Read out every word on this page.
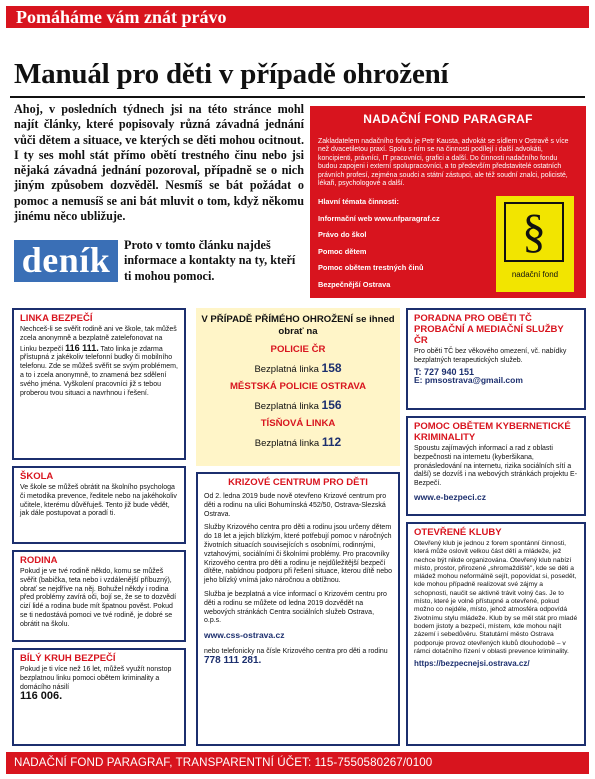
Pomáháme vám znát právo
Manuál pro děti v případě ohrožení

Ahoj, v posledních týdnech jsi na této stránce mohl najít články, které popisovaly různá závadná jednání vůči dětem a situace, ve kterých se děti mohou ocitnout. I ty ses mohl stát přímo obětí trestného činu nebo jsi nějaká závadná jednání pozoroval, případně se o nich jiným způsobem dozvěděl. Nesmíš se bát požádat o pomoc a nemusíš se ani bát mluvit o tom, když někomu jinému něco ubližuje.

deník	Proto v tomto článku najdeš informace a kontakty na ty, kteří ti mohou pomoci.

NADAČNÍ FOND PARAGRAF
Zakladatelem nadačního fondu je Petr Kausta, advokát se sídlem v Ostravě s více než dvacetiletou praxí. Spolu s ním se na činnosti podílejí i další advokáti, koncipienti, právníci, IT pracovníci, grafici a další. Do činnosti nadačního fondu budou zapojeni i externí spolupracovníci, a to především představitelé ostatních právních profesí, zejména soudci a státní zástupci, ale též soudní znalci, policisté, lékaři, psychologové a další.
Hlavní témata činnosti:
Informační web www.nfparagraf.cz
Právo do škol
Pomoc dětem
Pomoc obětem trestných činů
Bezpečnější Ostrava
§
nadační fond
LINKA BEZPEČÍ
Nechceš-li se svěřit rodině ani ve škole, tak můžeš zcela anonymně a bezplatně zatelefonovat na Linku bezpečí 116 111. Tato linka je zdarma přístupná z jakékoliv telefonní budky či mobilního telefonu. Zde se můžeš svěřit se svým problémem, a to i zcela anonymně, to znamená bez sdělení svého jména. Vyškolení pracovníci již s tebou proberou tvou situaci a navrhnou i řešení.
ŠKOLA
Ve škole se můžeš obrátit na školního psychologa či metodika prevence, ředitele nebo na jakéhokoliv učitele, kterému důvěřuješ. Tento již bude vědět, jak dále postupovat a poradí ti.
RODINA
Pokud je ve tvé rodině někdo, komu se můžeš svěřit (babička, teta nebo i vzdálenější příbuzný), obrať se nejdříve na něj. Bohužel někdy i rodina před problémy zavírá oči, bojí se, že se to dozvědí cizí lidé a rodina bude mít špatnou pověst. Pokud se ti nedostává pomoci ve tvé rodině, je dobré se obrátit na školu.
BÍLÝ KRUH BEZPEČÍ
Pokud je ti více než 16 let, můžeš využít nonstop bezplatnou linku pomoci obětem kriminality a domácího násilí
116 006.
V PŘÍPADĚ PŘÍMÉHO OHROŽENÍ se ihned obrať na
POLICIE ČR
Bezplatná linka 158
MĚSTSKÁ POLICIE OSTRAVA
Bezplatná linka 156
TÍSŇOVÁ LINKA
Bezplatná linka 112
KRIZOVÉ CENTRUM PRO DĚTI
Od 2. ledna 2019 bude nově otevřeno Krizové centrum pro děti a rodinu na ulici Bohumínská 452/50, Ostrava-Slezská Ostrava.
Služby Krizového centra pro děti a rodinu jsou určeny dětem do 18 let a jejich blízkým, které potřebují pomoc v náročných životních situacích souvisejících s osobními, rodinnými, vztahovými, sociálními či školními problémy. Pro pracovníky Krizového centra pro děti a rodinu je nejdůležitější bezpečí dítěte, nabídnou podporu při řešení situace, kterou dítě nebo jeho blízký vnímá jako náročnou a obtížnou.
Služba je bezplatná a více informací o Krizovém centru pro děti a rodinu se můžete od ledna 2019 dozvědět na webových stránkách Centra sociálních služeb Ostrava, o.p.s.
www.css-ostrava.cz
nebo telefonicky na čísle Krizového centra pro děti a rodinu 778 111 281.
PORADNA PRO OBĚTI TČ PROBAČNÍ A MEDIAČNÍ SLUŽBY ČR
Pro oběti TČ bez věkového omezení, vč. nabídky bezplatných terapeutických služeb.
T: 727 940 151
E: pmsostrava@gmail.com
POMOC OBĚTEM KYBERNETICKÉ KRIMINALITY
Spoustu zajímavých informací a rad z oblasti bezpečnosti na internetu (kyberšikana, pronásledování na internetu, rizika sociálních sítí a další) se dozvíš i na webových stránkách projektu E-Bezpečí.
www.e-bezpeci.cz
OTEVŘENÉ KLUBY
Otevřený klub je jednou z forem spontánní činnosti, která může oslovit velkou část dětí a mládeže, jež nechce být nikde organizována. Otevřený klub nabízí místo, prostor, přirozené „shromaždiště", kde se děti a mládež mohou neformálně sejít, popovídat si, posedět, kde mohou případně realizovat své zájmy a schopnosti, naučit se aktivně trávit volný čas. Je to místo, které je volně přístupné a otevřené, pokud možno co nejdéle, místo, jehož atmosféra odpovídá životnímu stylu mládeže. Klub by se měl stát pro mladé bodem jistoty a bezpečí, místem, kde mohou najít zázemí i sebedůvěru. Statutární město Ostrava podporuje provoz otevřených klubů dlouhodobě – v rámci dotačního řízení v oblasti prevence kriminality.
https://bezpecnejsi.ostrava.cz/
NADAČNÍ FOND PARAGRAF, TRANSPARENTNÍ ÚČET: 115-7550580267/0100
